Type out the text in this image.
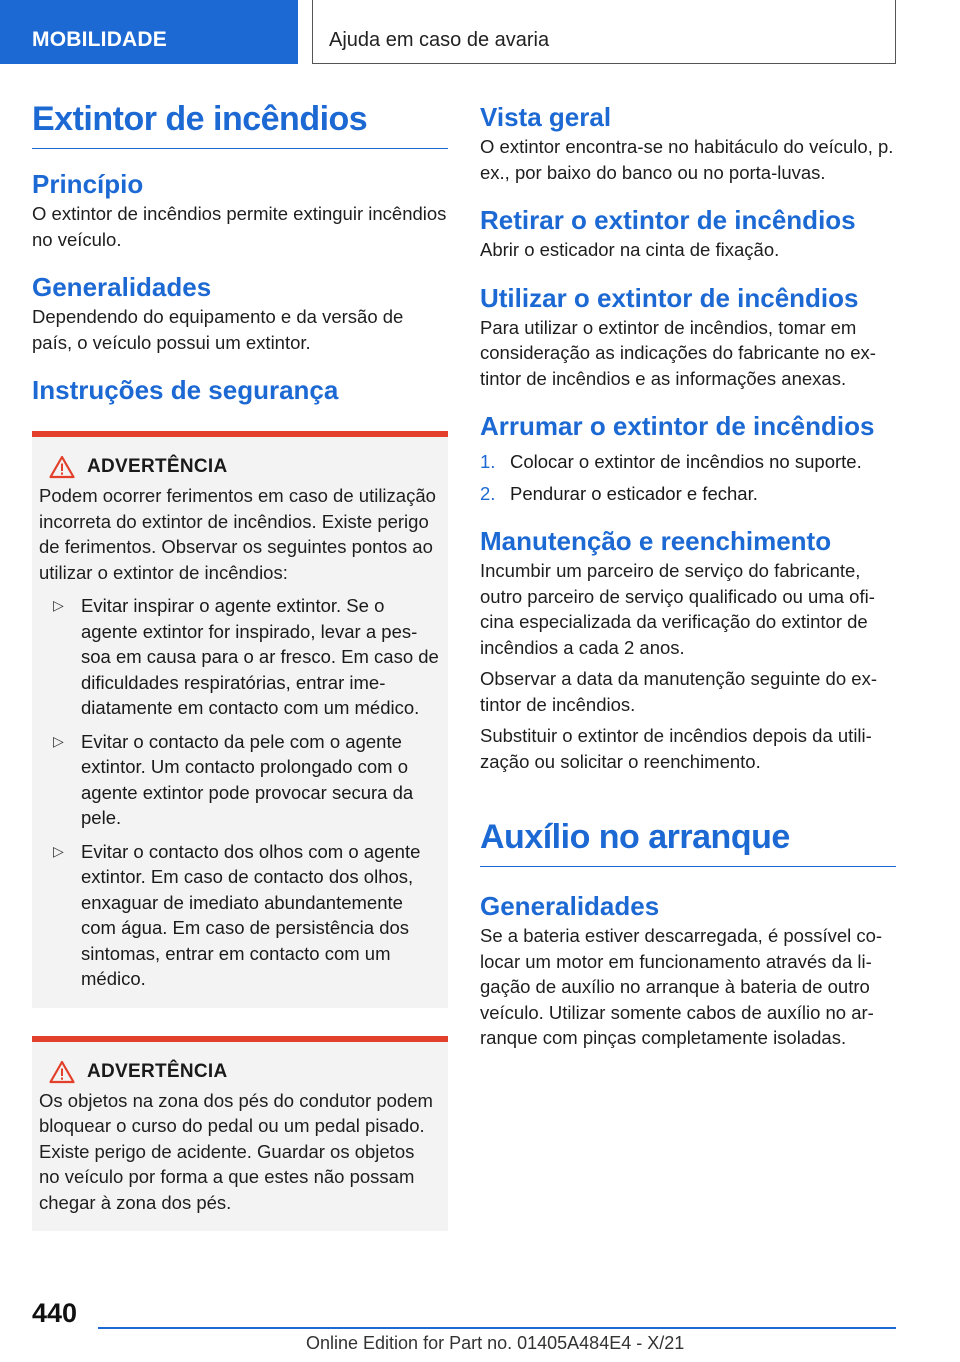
MOBILIDADE	Ajuda em caso de avaria
Extintor de incêndios
Princípio

O extintor de incêndios permite extinguir incêndios no veículo.

Generalidades

Dependendo do equipamento e da versão de país, o veículo possui um extintor.

Instruções de segurança
ADVERTÊNCIA

Podem ocorrer ferimentos em caso de utilização incorreta do extintor de incêndios. Existe perigo de ferimentos. Observar os seguintes pontos ao utilizar o extintor de incêndios:

▷ Evitar inspirar o agente extintor. Se o agente extintor for inspirado, levar a pessoa em causa para o ar fresco. Em caso de dificuldades respiratórias, entrar imediatamente em contacto com um médico.

▷ Evitar o contacto da pele com o agente extintor. Um contacto prolongado com o agente extintor pode provocar secura da pele.

▷ Evitar o contacto dos olhos com o agente extintor. Em caso de contacto dos olhos, enxaguar de imediato abundantemente com água. Em caso de persistência dos sintomas, entrar em contacto com um médico.

ADVERTÊNCIA

Os objetos na zona dos pés do condutor podem bloquear o curso do pedal ou um pedal pisado. Existe perigo de acidente. Guardar os objetos no veículo por forma a que estes não possam chegar à zona dos pés.

Vista geral

O extintor encontra-se no habitáculo do veículo, p. ex., por baixo do banco ou no porta-luvas.

Retirar o extintor de incêndios

Abrir o esticador na cinta de fixação.

Utilizar o extintor de incêndios

Para utilizar o extintor de incêndios, tomar em consideração as indicações do fabricante no extintor de incêndios e as informações anexas.

Arrumar o extintor de incêndios
1. Colocar o extintor de incêndios no suporte.

2. Pendurar o esticador e fechar.

Manutenção e reenchimento

Incumbir um parceiro de serviço do fabricante, outro parceiro de serviço qualificado ou uma oficina especializada da verificação do extintor de incêndios a cada 2 anos.

Observar a data da manutenção seguinte do extintor de incêndios.

Substituir o extintor de incêndios depois da utilização ou solicitar o reenchimento.

Auxílio no arranque
Generalidades

Se a bateria estiver descarregada, é possível colocar um motor em funcionamento através da ligação de auxílio no arranque à bateria de outro veículo. Utilizar somente cabos de auxílio no arranque com pinças completamente isoladas.

440
Online Edition for Part no. 01405A484E4 - X/21
